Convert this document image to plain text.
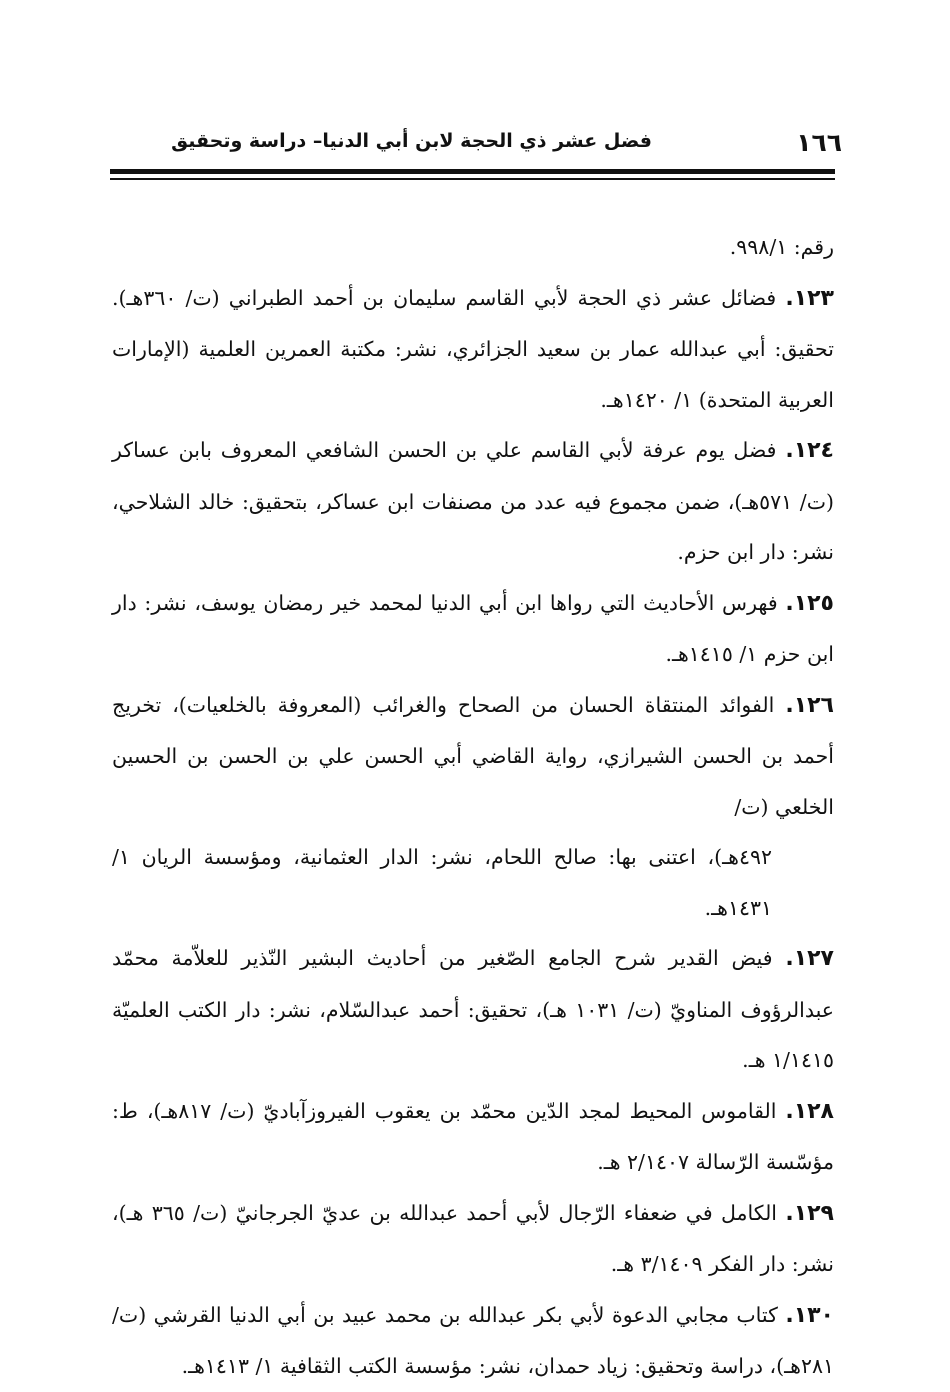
١٦٦
فضل عشر ذي الحجة لابن أبي الدنيا– دراسة وتحقيق

رقم: ٩٩٨/١.

١٢٣. فضائل عشر ذي الحجة لأبي القاسم سليمان بن أحمد الطبراني (ت/ ٣٦٠هـ). تحقيق: أبي عبدالله عمار بن سعيد الجزائري، نشر: مكتبة العمرين العلمية (الإمارات العربية المتحدة) ١/ ١٤٢٠هـ.

١٢٤. فضل يوم عرفة لأبي القاسم علي بن الحسن الشافعي المعروف بابن عساكر (ت/ ٥٧١هـ)، ضمن مجموع فيه عدد من مصنفات ابن عساكر، بتحقيق: خالد الشلاحي، نشر: دار ابن حزم.

١٢٥. فهرس الأحاديث التي رواها ابن أبي الدنيا لمحمد خير رمضان يوسف، نشر: دار ابن حزم ١/ ١٤١٥هـ.

١٢٦. الفوائد المنتقاة الحسان من الصحاح والغرائب (المعروفة بالخلعيات)، تخريج أحمد بن الحسن الشيرازي، رواية القاضي أبي الحسن علي بن الحسن بن الحسين الخلعي (ت/

٤٩٢هـ)، اعتنى بها: صالح اللحام، نشر: الدار العثمانية، ومؤسسة الريان ١/ ١٤٣١هـ.

١٢٧. فيض القدير شرح الجامع الصّغير من أحاديث البشير النّذير للعلاّمة محمّد عبدالرؤوف المناويّ (ت/ ١٠٣١ هـ)، تحقيق: أحمد عبدالسّلام، نشر: دار الكتب العلميّة ١/١٤١٥ هـ.

١٢٨. القاموس المحيط لمجد الدّين محمّد بن يعقوب الفيروزآباديّ (ت/ ٨١٧هـ)، ط: مؤسّسة الرّسالة ٢/١٤٠٧ هـ.

١٢٩. الكامل في ضعفاء الرّجال لأبي أحمد عبدالله بن عديّ الجرجانيّ (ت/ ٣٦٥ هـ)، نشر: دار الفكر ٣/١٤٠٩ هـ.

١٣٠. كتاب مجابي الدعوة لأبي بكر عبدالله بن محمد عبيد بن أبي الدنيا القرشي (ت/ ٢٨١هـ)، دراسة وتحقيق: زياد حمدان، نشر: مؤسسة الكتب الثقافية ١/ ١٤١٣هـ.
